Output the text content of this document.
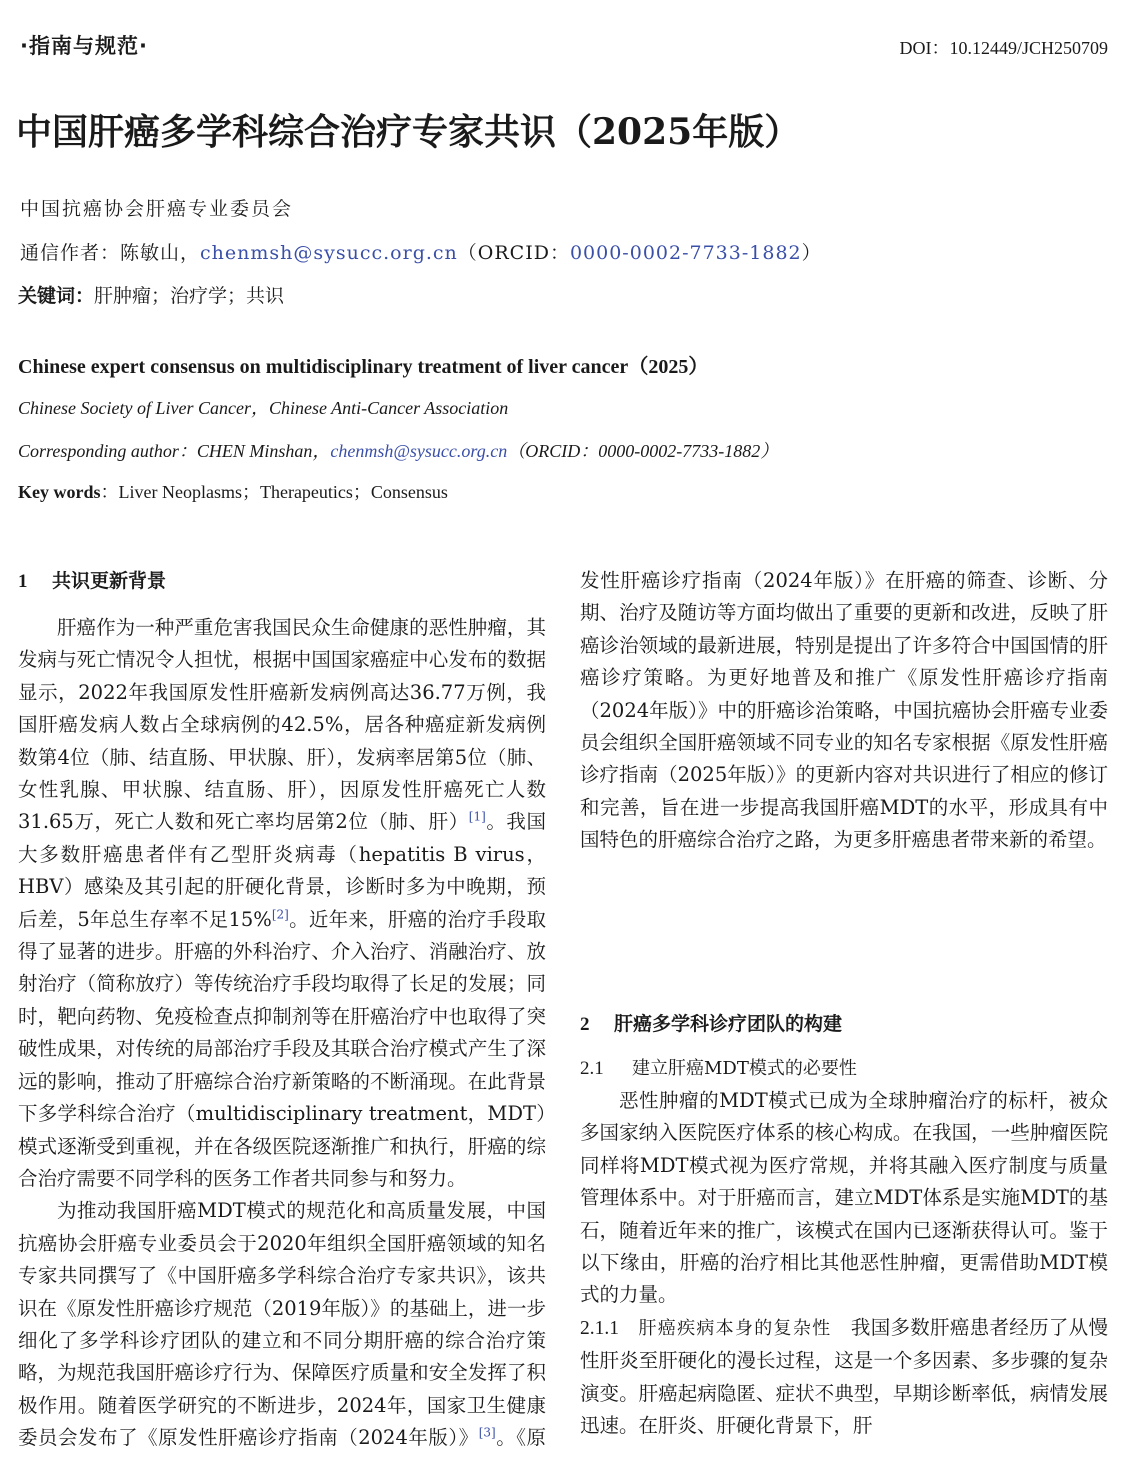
·指南与规范·	DOI：10.12449/JCH250709
中国肝癌多学科综合治疗专家共识（2025年版）
中国抗癌协会肝癌专业委员会
通信作者：陈敏山，chenmsh@sysucc.org.cn（ORCID：0000-0002-7733-1882）
关键词：肝肿瘤；治疗学；共识
Chinese expert consensus on multidisciplinary treatment of liver cancer（2025）
Chinese Society of Liver Cancer，Chinese Anti-Cancer Association
Corresponding author：CHEN Minshan，chenmsh@sysucc.org.cn（ORCID：0000-0002-7733-1882）
Key words：Liver Neoplasms；Therapeutics；Consensus
2 肝癌多学科诊疗团队的构建
2.1 建立肝癌MDT模式的必要性

恶性肿瘤的MDT模式已成为全球肿瘤治疗的标杆，被众多国家纳入医院医疗体系的核心构成。在我国，一些肿瘤医院同样将MDT模式视为医疗常规，并将其融入医疗制度与质量管理体系中。对于肝癌而言，建立MDT体系是实施MDT的基石，随着近年来的推广，该模式在国内已逐渐获得认可。鉴于以下缘由，肝癌的治疗相比其他恶性肿瘤，更需借助MDT模式的力量。

2.1.1 肝癌疾病本身的复杂性 我国多数肝癌患者经历了从慢性肝炎至肝硬化的漫长过程，这是一个多因素、多步骤的复杂演变。肝癌起病隐匿、症状不典型，早期诊断率低，病情发展迅速。在肝炎、肝硬化背景下，肝

1 共识更新背景

肝癌作为一种严重危害我国民众生命健康的恶性肿瘤，其发病与死亡情况令人担忧，根据中国国家癌症中心发布的数据显示，2022年我国原发性肝癌新发病例高达36.77万例，我国肝癌发病人数占全球病例的42.5%，居各种癌症新发病例数第4位（肺、结直肠、甲状腺、肝），发病率居第5位（肺、女性乳腺、甲状腺、结直肠、肝），因原发性肝癌死亡人数31.65万，死亡人数和死亡率均居第2位（肺、肝）[1]。我国大多数肝癌患者伴有乙型肝炎病毒（hepatitis B virus，HBV）感染及其引起的肝硬化背景，诊断时多为中晚期，预后差，5年总生存率不足15%[2]。近年来，肝癌的治疗手段取得了显著的进步。肝癌的外科治疗、介入治疗、消融治疗、放射治疗（简称放疗）等传统治疗手段均取得了长足的发展；同时，靶向药物、免疫检查点抑制剂等在肝癌治疗中也取得了突破性成果，对传统的局部治疗手段及其联合治疗模式产生了深远的影响，推动了肝癌综合治疗新策略的不断涌现。在此背景下多学科综合治疗（multidisciplinary treatment，MDT）模式逐渐受到重视，并在各级医院逐渐推广和执行，肝癌的综合治疗需要不同学科的医务工作者共同参与和努力。

为推动我国肝癌MDT模式的规范化和高质量发展，中国抗癌协会肝癌专业委员会于2020年组织全国肝癌领域的知名专家共同撰写了《中国肝癌多学科综合治疗专家共识》，该共识在《原发性肝癌诊疗规范（2019年版）》的基础上，进一步细化了多学科诊疗团队的建立和不同分期肝癌的综合治疗策略，为规范我国肝癌诊疗行为、保障医疗质量和安全发挥了积极作用。随着医学研究的不断进步，2024年，国家卫生健康委员会发布了《原发性肝癌诊疗指南（2024年版）》[3]。《原发性肝癌诊疗指南（2024年版）》在肝癌的筛查、诊断、分期、治疗及随访等方面均做出了重要的更新和改进，反映了肝癌诊治领域的最新进展，特别是提出了许多符合中国国情的肝癌诊疗策略。为更好地普及和推广《原发性肝癌诊疗指南（2024年版）》中的肝癌诊治策略，中国抗癌协会肝癌专业委员会组织全国肝癌领域不同专业的知名专家根据《原发性肝癌诊疗指南（2025年版）》的更新内容对共识进行了相应的修订和完善，旨在进一步提高我国肝癌MDT的水平，形成具有中国特色的肝癌综合治疗之路，为更多肝癌患者带来新的希望。
